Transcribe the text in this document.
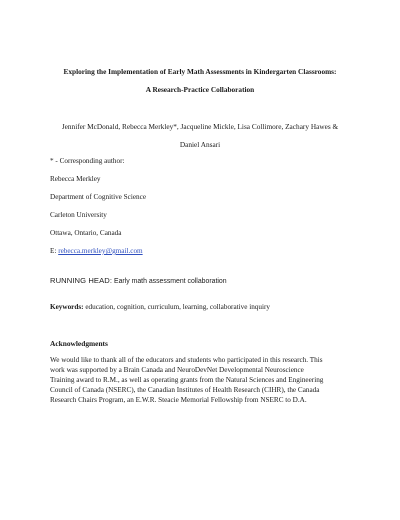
Exploring the Implementation of Early Math Assessments in Kindergarten Classrooms:
A Research-Practice Collaboration
Jennifer McDonald, Rebecca Merkley*, Jacqueline Mickle, Lisa Collimore, Zachary Hawes &
Daniel Ansari
* - Corresponding author:
Rebecca Merkley
Department of Cognitive Science
Carleton University
Ottawa, Ontario, Canada
E: rebecca.merkley@gmail.com
RUNNING HEAD: Early math assessment collaboration
Keywords: education, cognition, curriculum, learning, collaborative inquiry
Acknowledgments
We would like to thank all of the educators and students who participated in this research. This
work was supported by a Brain Canada and NeuroDevNet Developmental Neuroscience
Training award to R.M., as well as operating grants from the Natural Sciences and Engineering
Council of Canada (NSERC), the Canadian Institutes of Health Research (CIHR), the Canada
Research Chairs Program, an E.W.R. Steacie Memorial Fellowship from NSERC to D.A.
